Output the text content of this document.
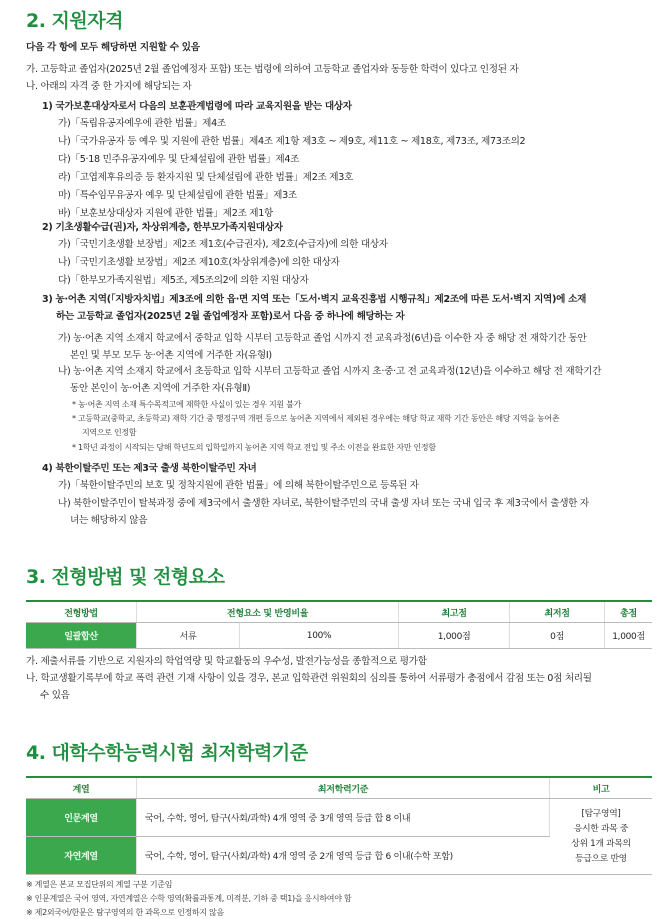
2. 지원자격
다음 각 항에 모두 해당하면 지원할 수 있음
가. 고등학교 졸업자(2025년 2월 졸업예정자 포함) 또는 법령에 의하여 고등학교 졸업자와 동등한 학력이 있다고 인정된 자
나. 아래의 자격 중 한 가지에 해당되는 자
1) 국가보훈대상자로서 다음의 보훈관계법령에 따라 교육지원을 받는 대상자
가)「독립유공자예우에 관한 법률」제4조
나)「국가유공자 등 예우 및 지원에 관한 법률」제4조 제1항 제3호 ~ 제9호, 제11호 ~ 제18호, 제73조, 제73조의2
다)「5·18 민주유공자예우 및 단체설립에 관한 법률」제4조
라)「고엽제후유의증 등 환자지원 및 단체설립에 관한 법률」제2조 제3호
마)「특수임무유공자 예우 및 단체설립에 관한 법률」제3조
바)「보훈보상대상자 지원에 관한 법률」제2조 제1항
2) 기초생활수급(권)자, 차상위계층, 한부모가족지원대상자
가)「국민기초생활 보장법」제2조 제1호(수급권자), 제2호(수급자)에 의한 대상자
나)「국민기초생활 보장법」제2조 제10호(차상위계층)에 의한 대상자
다)「한부모가족지원법」제5조, 제5조의2에 의한 지원 대상자
3) 농·어촌 지역(「지방자치법」제3조에 의한 읍·면 지역 또는「도서·벽지 교육진흥법 시행규칙」제2조에 따른 도서·벽지 지역)에 소재
하는 고등학교 졸업자(2025년 2월 졸업예정자 포함)로서 다음 중 하나에 해당하는 자
가) 농·어촌 지역 소재지 학교에서 중학교 입학 시부터 고등학교 졸업 시까지 전 교육과정(6년)을 이수한 자 중 해당 전 재학기간 동안
본인 및 부모 모두 농·어촌 지역에 거주한 자(유형Ⅰ)
나) 농·어촌 지역 소재지 학교에서 초등학교 입학 시부터 고등학교 졸업 시까지 초·중·고 전 교육과정(12년)을 이수하고 해당 전 재학기간
동안 본인이 농·어촌 지역에 거주한 자(유형Ⅱ)
* 농·어촌 지역 소재 특수목적고에 재학한 사실이 있는 경우 지원 불가
* 고등학교(중학교, 초등학교) 재학 기간 중 행정구역 개편 등으로 농어촌 지역에서 제외된 경우에는 해당 학교 재학 기간 동안은 해당 지역을 농어촌
지역으로 인정함
* 1학년 과정이 시작되는 당해 학년도의 입학일까지 농어촌 지역 학교 전입 및 주소 이전을 완료한 자만 인정함
4) 북한이탈주민 또는 제3국 출생 북한이탈주민 자녀
가)「북한이탈주민의 보호 및 정착지원에 관한 법률」에 의해 북한이탈주민으로 등록된 자
나) 북한이탈주민이 탈북과정 중에 제3국에서 출생한 자녀로, 북한이탈주민의 국내 출생 자녀 또는 국내 입국 후 제3국에서 출생한 자
녀는 해당하지 않음
3. 전형방법 및 전형요소
전형방법	전형요소 및 반영비율		최고점	최저점	총점
일괄합산	서류	100%	1,000점	0점	1,000점
가. 제출서류를 기반으로 지원자의 학업역량 및 학교활동의 우수성, 발전가능성을 종합적으로 평가함
나. 학교생활기록부에 학교 폭력 관련 기재 사항이 있을 경우, 본교 입학관련 위원회의 심의를 통하여 서류평가 총점에서 감점 또는 0점 처리될
수 있음
4. 대학수학능력시험 최저학력기준
계열	최저학력기준	비고
인문계열	국어, 수학, 영어, 탐구(사회/과학) 4개 영역 중 3개 영역 등급 합 8 이내	[탐구영역]
응시한 과목 중
상위 1개 과목의
등급으로 반영

자연계열	국어, 수학, 영어, 탐구(사회/과학) 4개 영역 중 2개 영역 등급 합 6 이내(수학 포함)	
※ 계열은 본교 모집단위의 계열 구분 기준임
※ 인문계열은 국어 영역, 자연계열은 수학 영역(확률과통계, 미적분, 기하 중 택1)을 응시하여야 함
※ 제2외국어/한문은 탐구영역의 한 과목으로 인정하지 않음
